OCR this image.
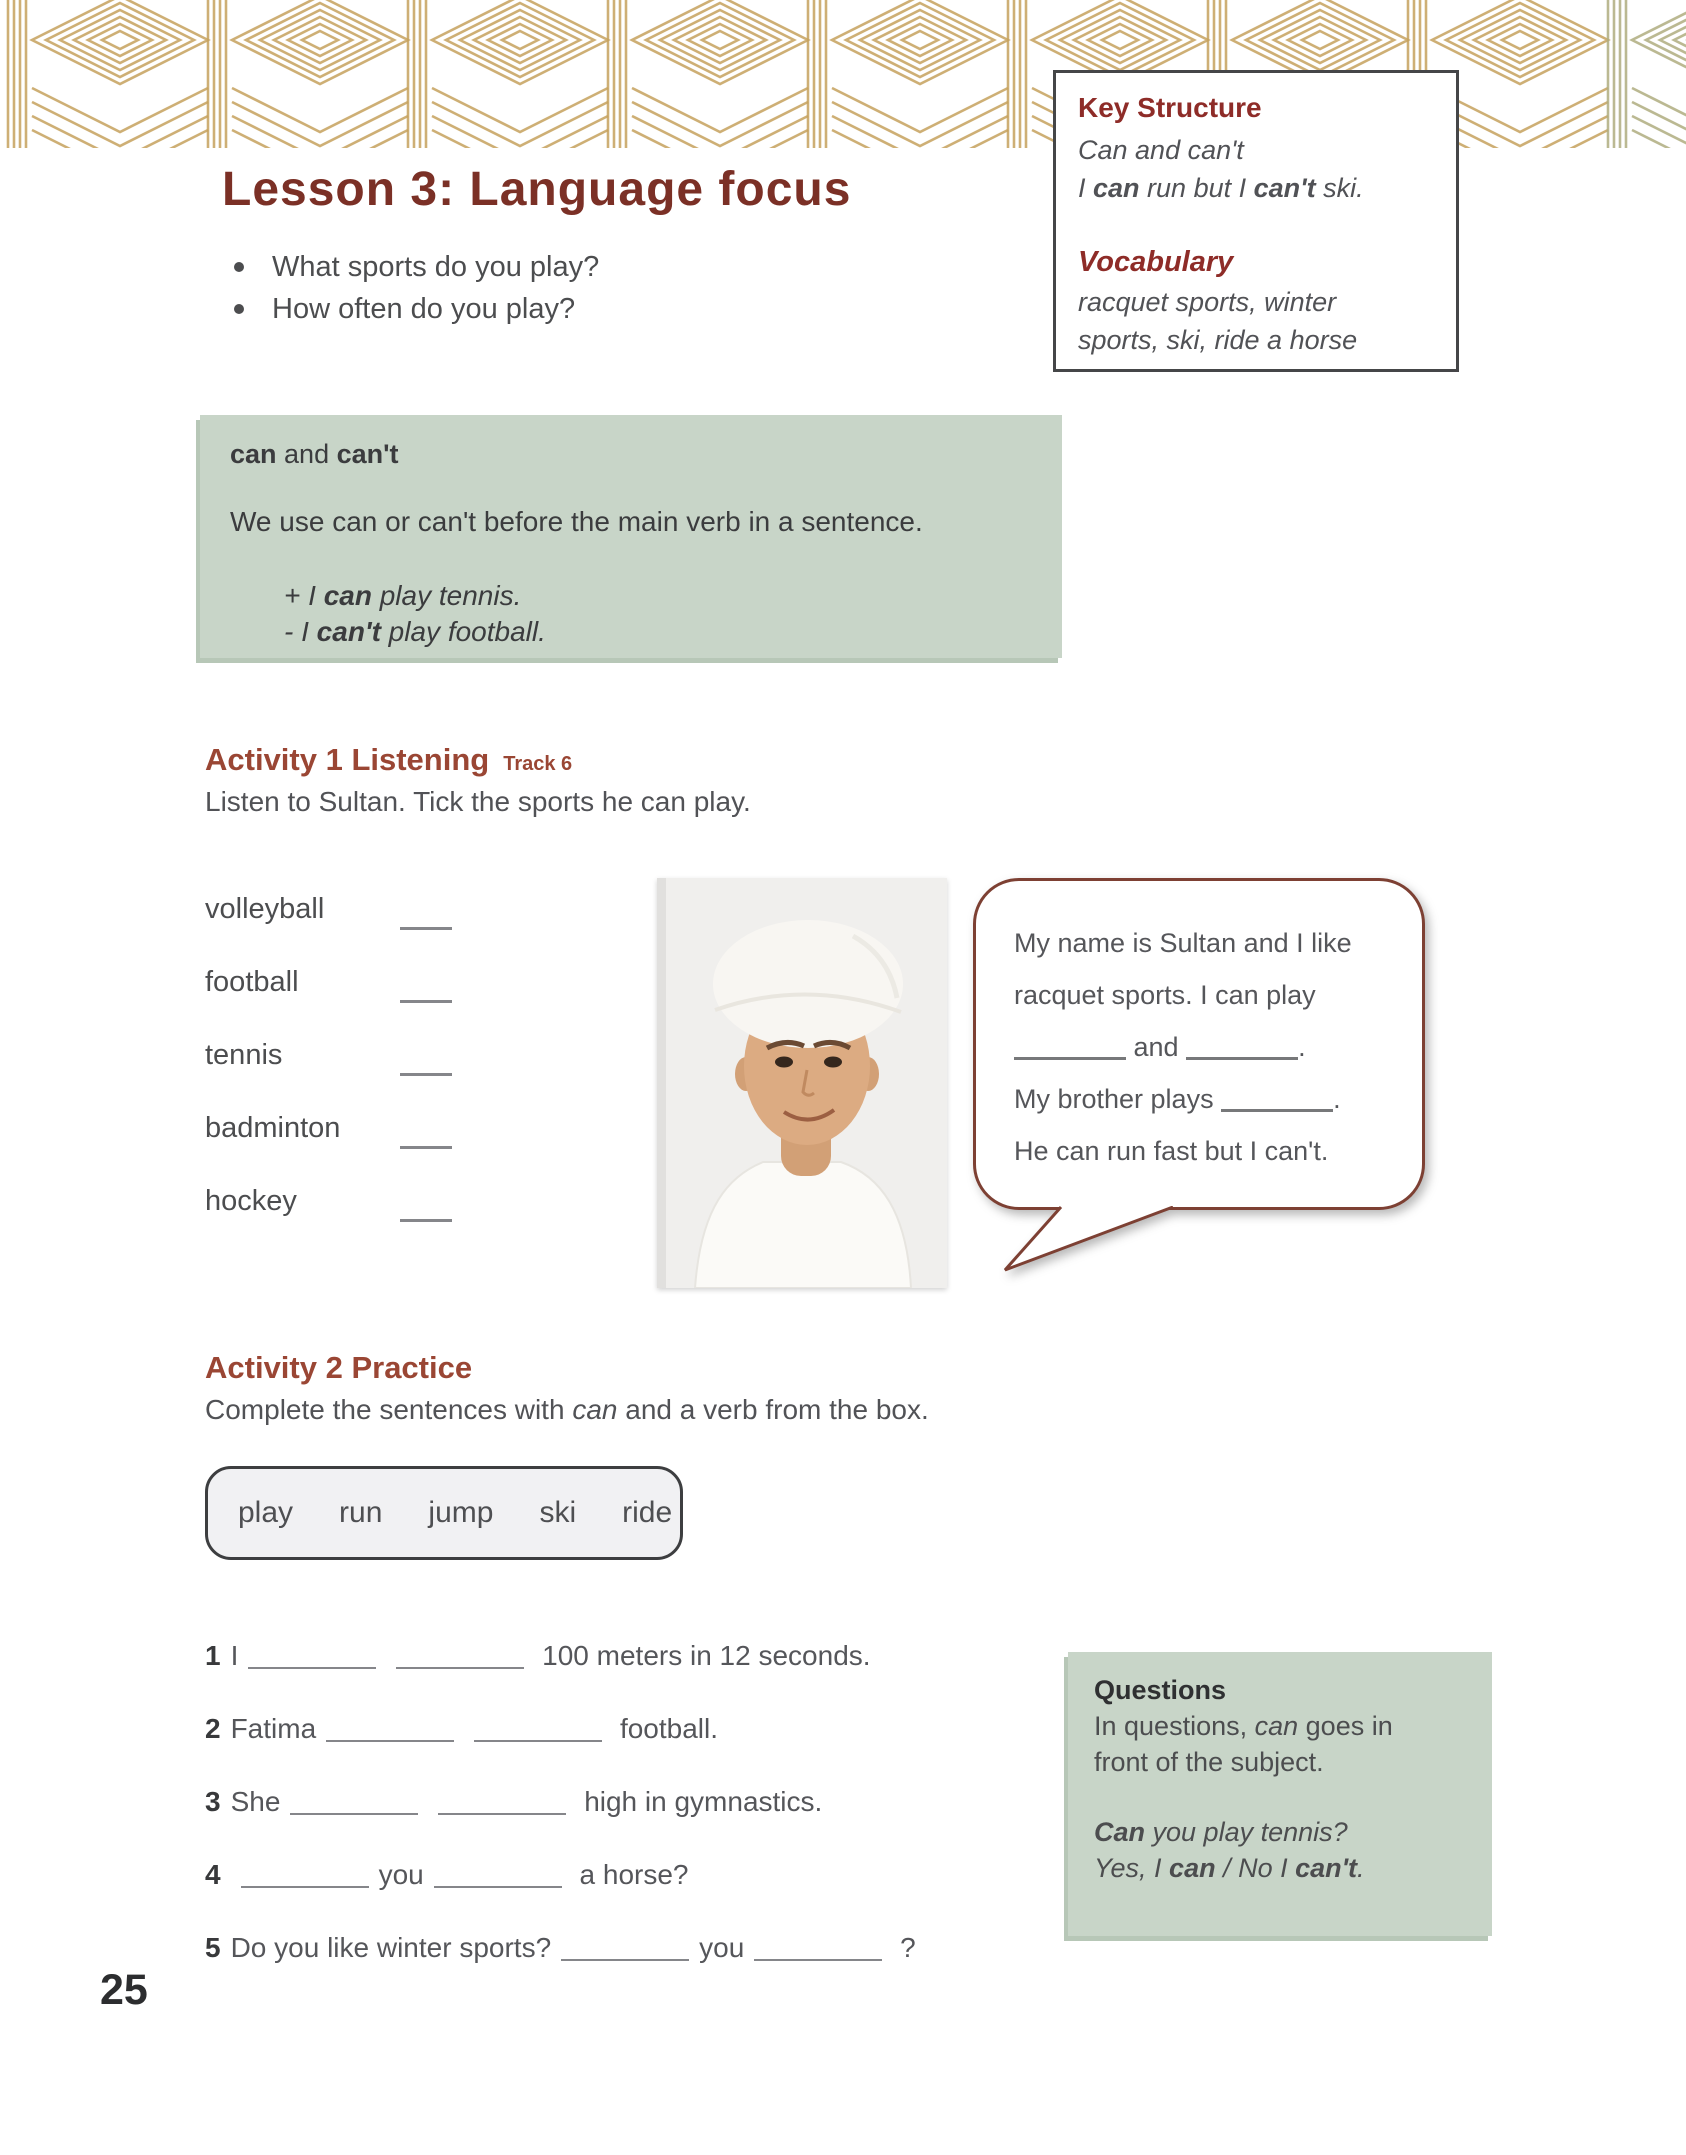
Key Structure
Can and can't
I can run but I can't ski.
Vocabulary
racquet sports, winter
sports, ski, ride a horse
Lesson 3: Language focus
What sports do you play?
How often do you play?
can and can't
We use can or can't before the main verb in a sentence.
+ I can play tennis.
- I can't play football.
Activity 1 Listening Track 6
Listen to Sultan. Tick the sports he can play.
volleyball
football
tennis
badminton
hockey
My name is Sultan and I like
racquet sports. I can play
and	.
My brother plays	.
He can run fast but I can't.
Activity 2 Practice
Complete the sentences with can and a verb from the box.
play run jump ski ride
1 I	100 meters in 12 seconds.
2 Fatima	football.
3 She	high in gymnastics.
4	you	a horse?
5 Do you like winter sports?	you	?
Questions
In questions, can goes in
front of the subject.
Can you play tennis?
Yes, I can / No I can't.
25
